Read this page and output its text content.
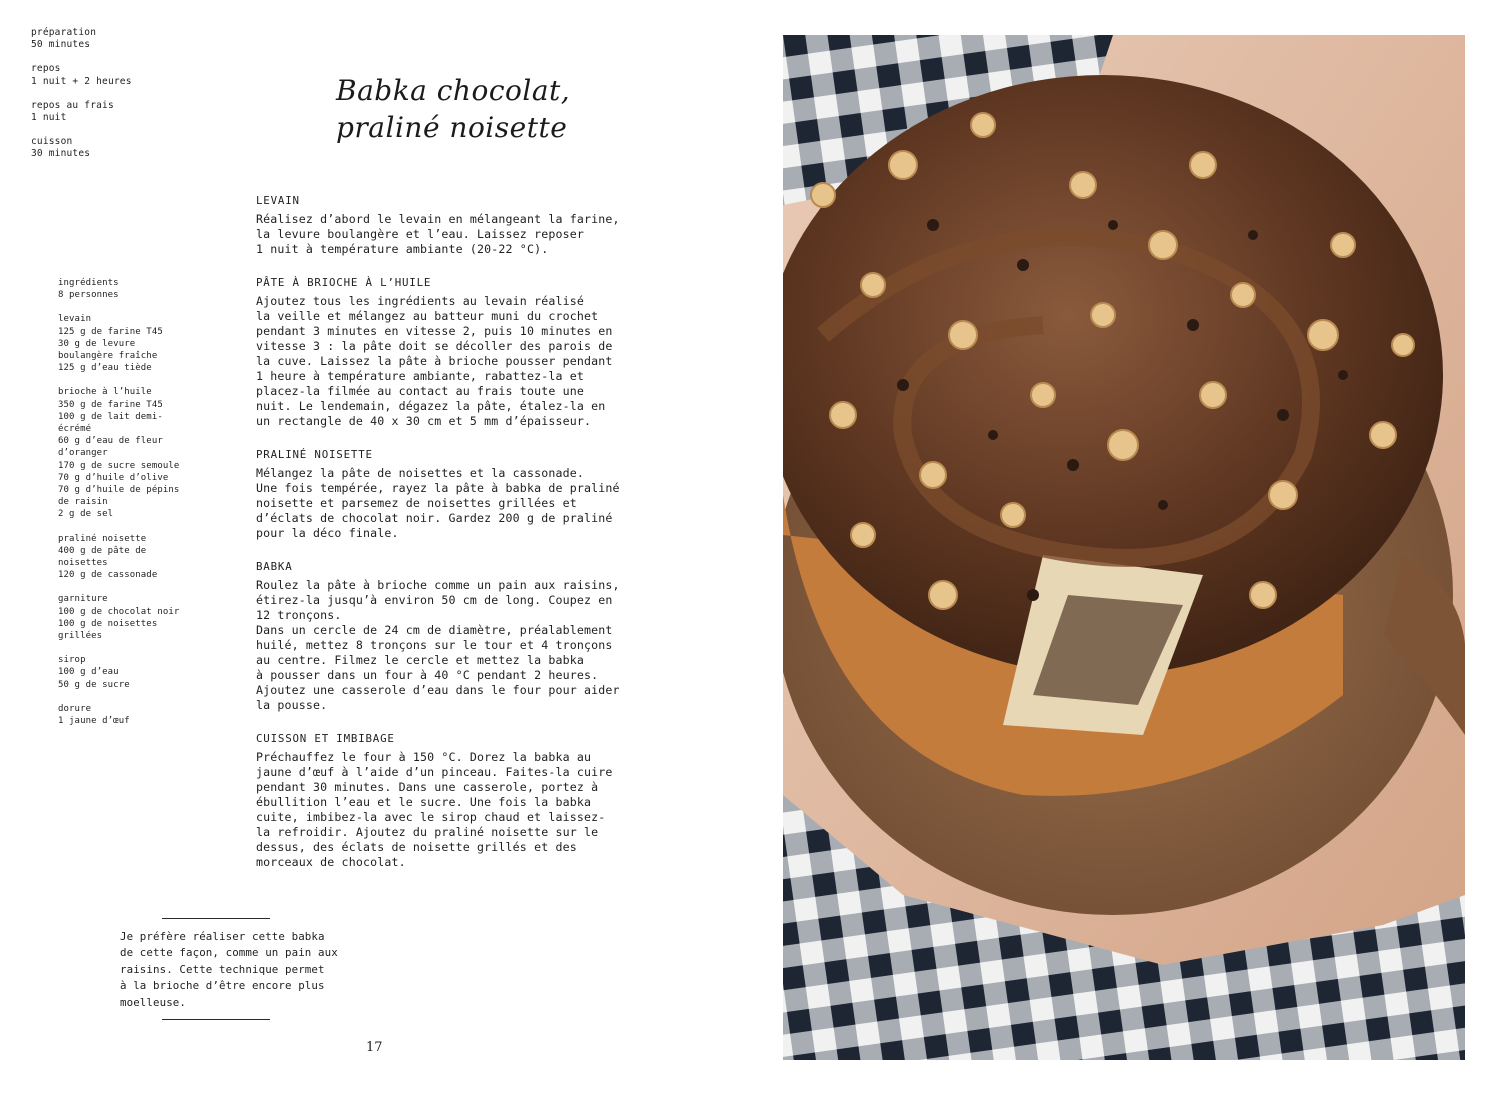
préparation
50 minutes
repos
1 nuit + 2 heures
repos au frais
1 nuit
cuisson
30 minutes
Babka chocolat,
praliné noisette
ingrédients
8 personnes
levain
125 g de farine T45
30 g de levure
boulangère fraîche
125 g d’eau tiède
brioche à l’huile
350 g de farine T45
100 g de lait demi-
écrémé
60 g d’eau de fleur
d’oranger
170 g de sucre semoule
70 g d’huile d’olive
70 g d’huile de pépins
de raisin
2 g de sel
praliné noisette
400 g de pâte de
noisettes
120 g de cassonade
garniture
100 g de chocolat noir
100 g de noisettes
grillées
sirop
100 g d’eau
50 g de sucre
dorure
1 jaune d’œuf
LEVAIN
Réalisez d’abord le levain en mélangeant la farine,
la levure boulangère et l’eau. Laissez reposer
1 nuit à température ambiante (20-22 °C).
PÂTE À BRIOCHE À L’HUILE
Ajoutez tous les ingrédients au levain réalisé
la veille et mélangez au batteur muni du crochet
pendant 3 minutes en vitesse 2, puis 10 minutes en
vitesse 3 : la pâte doit se décoller des parois de
la cuve. Laissez la pâte à brioche pousser pendant
1 heure à température ambiante, rabattez-la et
placez-la filmée au contact au frais toute une
nuit. Le lendemain, dégazez la pâte, étalez-la en
un rectangle de 40 x 30 cm et 5 mm d’épaisseur.
PRALINÉ NOISETTE
Mélangez la pâte de noisettes et la cassonade.
Une fois tempérée, rayez la pâte à babka de praliné
noisette et parsemez de noisettes grillées et
d’éclats de chocolat noir. Gardez 200 g de praliné
pour la déco finale.
BABKA
Roulez la pâte à brioche comme un pain aux raisins,
étirez-la jusqu’à environ 50 cm de long. Coupez en
12 tronçons.
Dans un cercle de 24 cm de diamètre, préalablement
huilé, mettez 8 tronçons sur le tour et 4 tronçons
au centre. Filmez le cercle et mettez la babka
à pousser dans un four à 40 °C pendant 2 heures.
Ajoutez une casserole d’eau dans le four pour aider
la pousse.
CUISSON ET IMBIBAGE
Préchauffez le four à 150 °C. Dorez la babka au
jaune d’œuf à l’aide d’un pinceau. Faites-la cuire
pendant 30 minutes. Dans une casserole, portez à
ébullition l’eau et le sucre. Une fois la babka
cuite, imbibez-la avec le sirop chaud et laissez-
la refroidir. Ajoutez du praliné noisette sur le
dessus, des éclats de noisette grillés et des
morceaux de chocolat.
Je préfère réaliser cette babka
de cette façon, comme un pain aux
raisins. Cette technique permet
à la brioche d’être encore plus
moelleuse.
17
